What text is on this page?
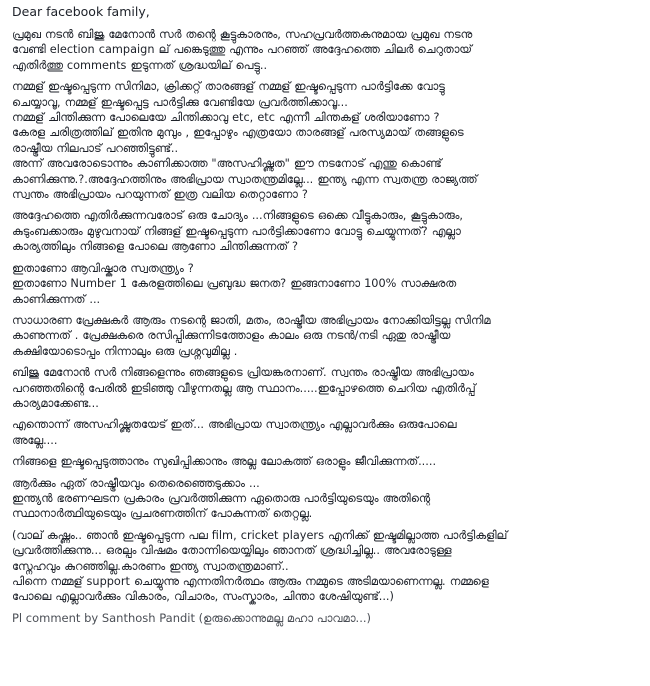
Dear facebook family,
പ്രമുഖ നടൻ ബിജു മേനോൻ സർ തന്റെ കൂട്ടുകാരനും, സഹപ്രവർത്തകനുമായ പ്രമുഖ നടനു
വേണ്ടി election campaign ല് പങ്കെടുത്തു എന്നും പറഞ്ഞ് അദ്ദേഹത്തെ ചിലർ ചെറുതായ്
എതിർത്തു comments ഇടുന്നത് ശ്രദ്ധയില് പെട്ടു..
നമ്മള് ഇഷ്ടപ്പെടുന്ന സിനിമാ, ക്രിക്കറ്റ് താരങ്ങള് നമ്മള് ഇഷ്ടപ്പെടുന്ന പാർട്ടിക്കേ വോട്ടു
ചെയ്യാവൂ, നമ്മള് ഇഷ്ടപ്പെട്ട പാർട്ടിക്കു വേണ്ടിയേ പ്രവർത്തിക്കാവൂ...
നമ്മള് ചിന്തിക്കുന്ന പോലെയേ ചിന്തിക്കാവു etc, etc എന്നീ ചിന്തകള് ശരിയാണോ ?
കേരള ചരിത്രത്തില് ഇതിനു മുമ്പും , ഇപ്പോഴും എത്രയോ താരങ്ങള് പരസ്യമായ് തങ്ങളുടെ
രാഷ്ട്രീയ നിലപാട് പറഞ്ഞിട്ടുണ്ട്..
അന്ന് അവരോടൊന്നും കാണിക്കാത്ത "അസഹിഷ്ണുത" ഈ നടനോട് എന്തു കൊണ്ട്
കാണിക്കുന്നു.?.അദ്ദേഹത്തിനും അഭിപ്രായ സ്വാതന്ത്രമില്ലേ... ഇന്ത്യ എന്ന സ്വതന്ത്ര രാജ്യത്ത്
സ്വന്തം അഭിപ്രായം പറയുന്നത് ഇത്ര വലിയ തെറ്റാണോ ?
അദ്ദേഹത്തെ എതിർക്കുന്നവരോട് ഒരു ചോദ്യം ...നിങ്ങളുടെ ഒക്കെ വീട്ടുകാരും, കൂട്ടുകാരും,
കുടുംബക്കാരും മുഴുവനായ് നിങ്ങള് ഇഷ്ടപ്പെടുന്ന പാർട്ടിക്കാണോ വോട്ടു ചെയ്യുന്നത്? എല്ലാ
കാര്യത്തിലും നിങ്ങളെ പോലെ ആണോ ചിന്തിക്കുന്നത് ?
ഇതാണോ ആവിഷ്കാര സ്വതന്ത്ര്യം ?
ഇതാണോ Number 1 കേരളത്തിലെ പ്രബുദ്ധ ജനത? ഇങ്ങനാണോ 100% സാക്ഷരത
കാണിക്കുന്നത് ...
സാധാരണ പ്രേക്ഷകർ ആരും നടന്റെ ജാതി, മതം, രാഷ്ട്രീയ അഭിപ്രായം നോക്കിയിട്ടല്ല സിനിമ
കാണുന്നത് . പ്രേക്ഷകരെ രസിപ്പിക്കുന്നിടത്തോളം കാലം ഒരു നടൻ/നടി ഏതു രാഷ്ട്രീയ
കക്ഷിയോടൊപ്പം നിന്നാലും ഒരു പ്രശ്നവുമില്ല .
ബിജു മേനോൻ സർ നിങ്ങളെന്നും ഞങ്ങളുടെ പ്രിയങ്കരനാണ്. സ്വന്തം രാഷ്ട്രീയ അഭിപ്രായം
പറഞ്ഞതിന്റെ പേരിൽ ഇടിഞ്ഞു വീഴുന്നതല്ല ആ സ്ഥാനം.....ഇപ്പോഴത്തെ ചെറിയ എതിർപ്പ്
കാര്യമാക്കേണ്ട...
എന്തൊന്ന് അസഹിഷ്ണുതയേട് ഇത്... അഭിപ്രായ സ്വാതന്ത്ര്യം എല്ലാവർക്കും ഒരുപോലെ
അല്ലേ....
നിങ്ങളെ ഇഷ്ടപ്പെടുത്താനും സുഖിപ്പിക്കാനും അല്ല ലോകത്ത് ഒരാളും ജീവിക്കുന്നത്.....
ആർക്കും ഏത് രാഷ്ട്രീയവും തെരെഞ്ഞെടുക്കാം ...
ഇന്ത്യൻ ഭരണഘടന പ്രകാരം പ്രവർത്തിക്കുന്ന ഏതൊരു പാർട്ടിയുടെയും അതിന്റെ
സ്ഥാനാർത്ഥിയുടെയും പ്രചരണത്തിന് പോകുന്നത് തെറ്റല്ല.
(വാല് കഷ്ണം.. ഞാൻ ഇഷ്ടപ്പെടുന്ന പല film, cricket players എനിക്ക് ഇഷ്ടമില്ലാത്ത പാർട്ടികളില്
പ്രവർത്തിക്കുന്നു... ഒരല്പം വിഷമം തോന്നിയെയ്യിലും ഞാനത് ശ്രദ്ധിച്ചില്ല.. അവരോടുള്ള
സ്നേഹവും കുറഞ്ഞില്ല.കാരണം ഇന്ത്യ സ്വാതന്ത്രമാണ്..
പിന്നെ നമ്മള് support ചെയ്യുന്നു എന്നതിനർത്ഥം ആരും നമ്മുടെ അടിമയാണെന്നല്ല. നമ്മളെ
പോലെ എല്ലാവർക്കും വികാരം, വിചാരം, സംസ്കാരം, ചിന്താ ശേഷിയുണ്ട്...)
Pl comment by Santhosh Pandit (ഉരുക്കൊന്നുമല്ല മഹാ പാവമാ...)
